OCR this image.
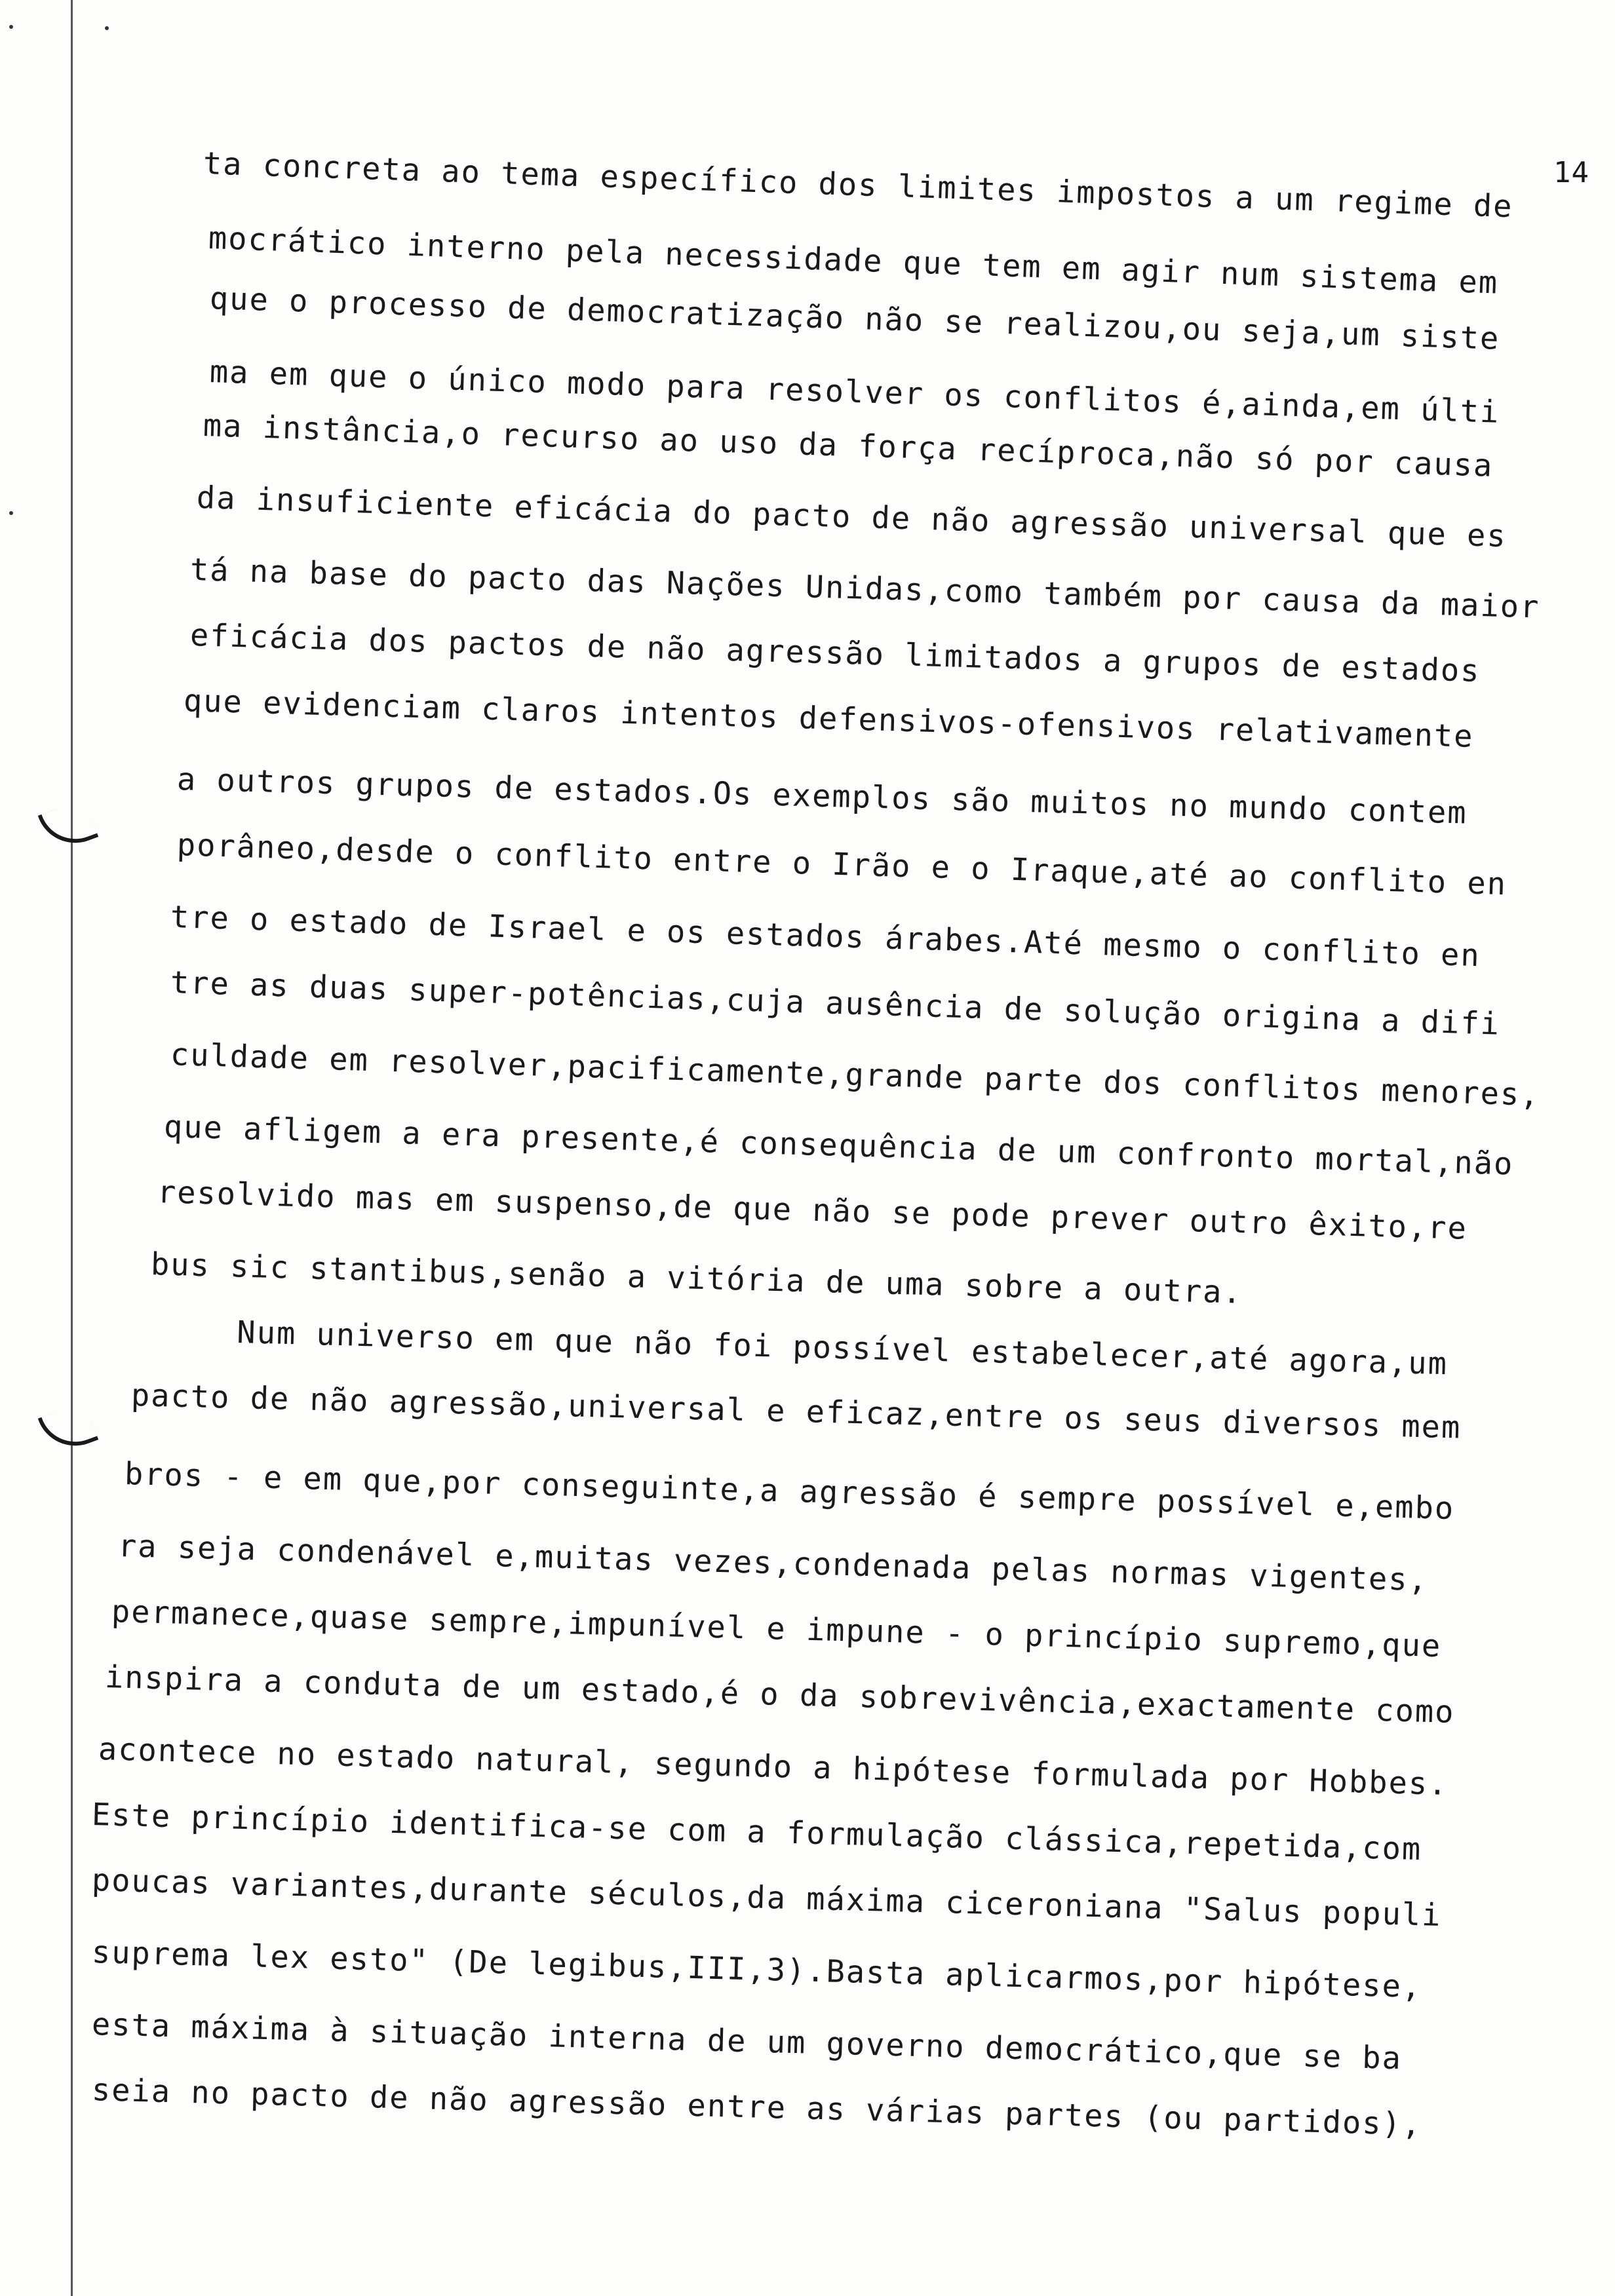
14
ta concreta ao tema específico dos limites impostos a um regime de
mocrático interno pela necessidade que tem em agir num sistema em
que o processo de democratização não se realizou,ou seja,um siste
ma em que o único modo para resolver os conflitos é,ainda,em últi
ma instância,o recurso ao uso da força recíproca,não só por causa
da insuficiente eficácia do pacto de não agressão universal que es
tá na base do pacto das Nações Unidas,como também por causa da maior
eficácia dos pactos de não agressão limitados a grupos de estados
que evidenciam claros intentos defensivos-ofensivos relativamente
a outros grupos de estados.Os exemplos são muitos no mundo contem
porâneo,desde o conflito entre o Irão e o Iraque,até ao conflito en
tre o estado de Israel e os estados árabes.Até mesmo o conflito en
tre as duas super-potências,cuja ausência de solução origina a difi
culdade em resolver,pacificamente,grande parte dos conflitos menores,
que afligem a era presente,é consequência de um confronto mortal,não
resolvido mas em suspenso,de que não se pode prever outro êxito,re
bus sic stantibus,senão a vitória de uma sobre a outra.
Num universo em que não foi possível estabelecer,até agora,um
pacto de não agressão,universal e eficaz,entre os seus diversos mem
bros - e em que,por conseguinte,a agressão é sempre possível e,embo
ra seja condenável e,muitas vezes,condenada pelas normas vigentes,
permanece,quase sempre,impunível e impune - o princípio supremo,que
inspira a conduta de um estado,é o da sobrevivência,exactamente como
acontece no estado natural, segundo a hipótese formulada por Hobbes.
Este princípio identifica-se com a formulação clássica,repetida,com
poucas variantes,durante séculos,da máxima ciceroniana "Salus populi
suprema lex esto" (De legibus,III,3).Basta aplicarmos,por hipótese,
esta máxima à situação interna de um governo democrático,que se ba
seia no pacto de não agressão entre as várias partes (ou partidos),
